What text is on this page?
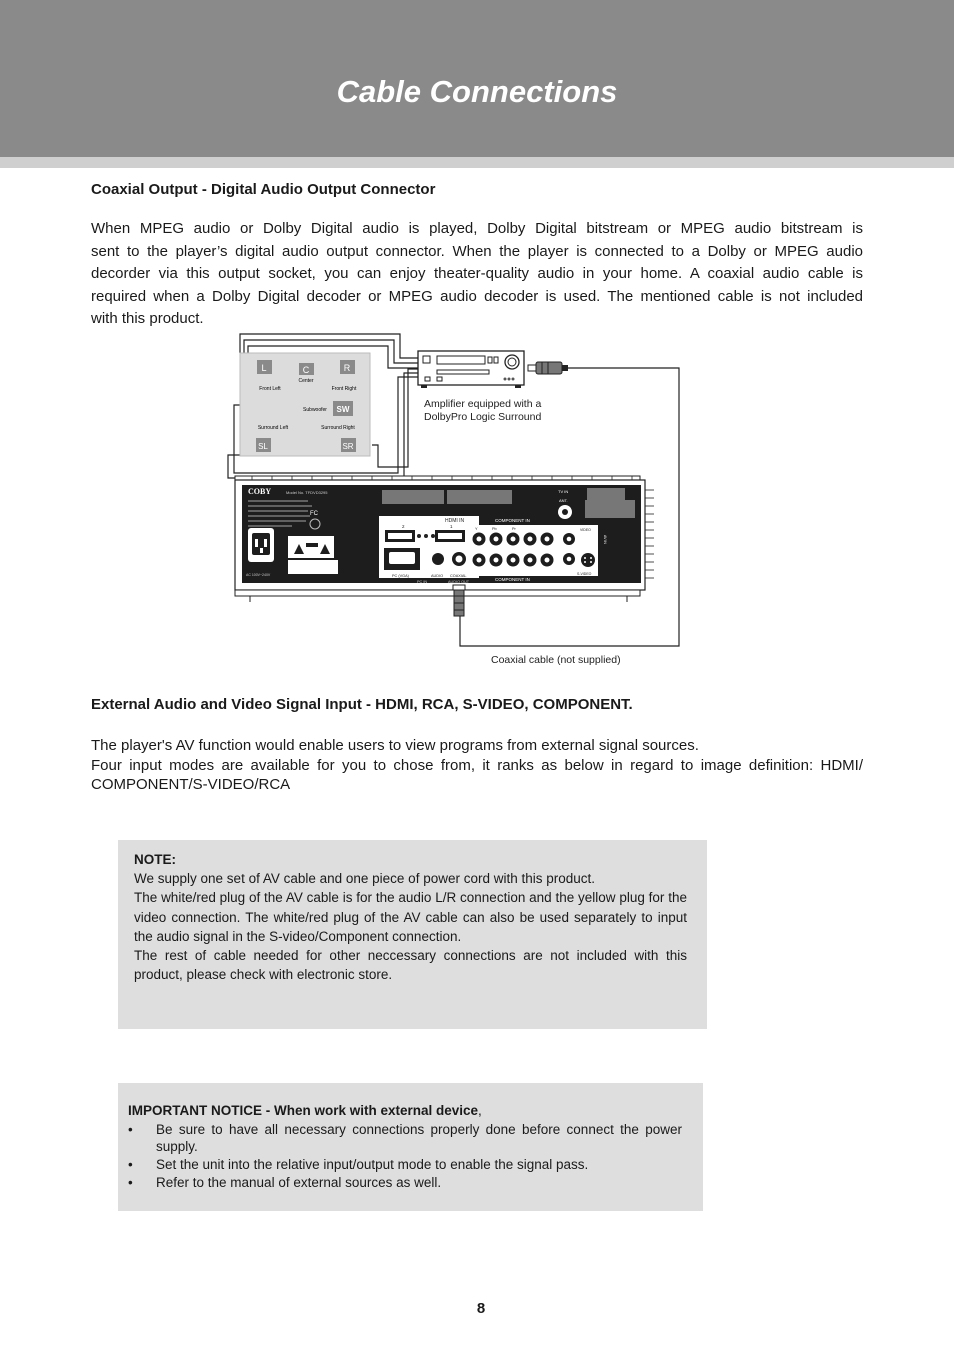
Cable Connections
Coaxial Output - Digital Audio Output Connector
When MPEG audio or Dolby Digital audio is played, Dolby Digital bitstream or MPEG audio bitstream is
sent to the player’s digital audio output connector. When the player is connected to a Dolby or MPEG audio
decorder via this output socket, you can enjoy theater-quality audio in your home. A coaxial audio cable is
required when a Dolby Digital decoder or MPEG audio decoder is used. The mentioned cable is not included
with this product.
L
Front Left
C
Center
R
Front Right
Subwoofer SW
Surround Left	Surround Right
SL	SR
Amplifier equipped with a
DolbyPro Logic Surround
COBY	Model No. TFDVD3295
FC
AC 100V~240V
HDMI IN
2	1
PC (VGA)	AUDIO COAXIAL
PC IN	AUDIO OUT
COMPONENT IN
COMPONENT IN
Y	Pb	Pr
TV IN
ANT.
VIDEO
S-VIDEO
AV IN
Coaxial cable (not supplied)
External Audio and Video Signal Input - HDMI, RCA, S-VIDEO, COMPONENT.
The player's AV function would enable users to view programs from external signal sources.
Four input modes are available for you to chose from, it ranks as below in regard to image definition: HDMI/
COMPONENT/S-VIDEO/RCA

NOTE:

We supply one set of AV cable and one piece of power cord with this product.

The white/red plug of the AV cable is for the audio L/R connection and the yellow plug for the video connection. The white/red plug of the AV cable can also be used separately to input the audio signal in the S-video/Component connection.

The rest of cable needed for other neccessary connections are not included with this product, please check with electronic store.

IMPORTANT NOTICE - When work with external device,

• Be sure to have all necessary connections properly done before connect the power supply.
• Set the unit into the relative input/output mode to enable the signal pass.
• Refer to the manual of external sources as well.
8
